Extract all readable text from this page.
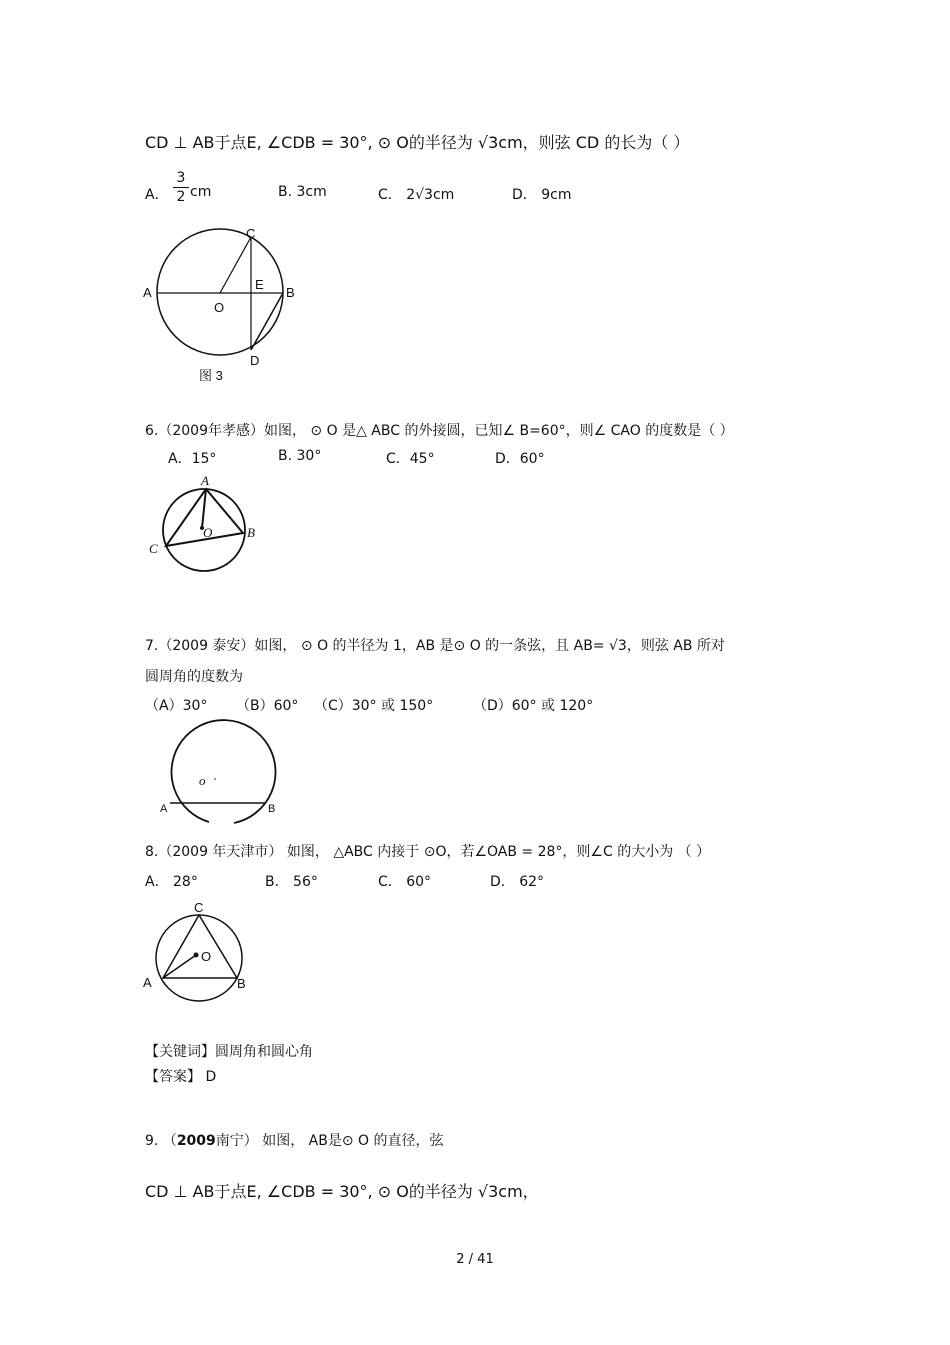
CD ⊥ AB于点E, ∠CDB = 30°, ⊙ O的半径为 √3cm，则弦 CD 的长为（ ）
A．
3
2 cm	B. 3cm	C． 2√3cm	D． 9cm
A	B
C
D
E
O
图 3
6.（2009年孝感）如图， ⊙ O 是△ ABC 的外接圆，已知∠ B=60°，则∠ CAO 的度数是（ ）
A．15°	B. 30°	C．45°	D．60°
A
B
C
O
7.（2009 泰安）如图， ⊙ O 的半径为 1，AB 是⊙ O 的一条弦，且 AB= √3，则弦 AB 所对
圆周角的度数为
（A）30° （B）60° （C）30° 或 150°	（D）60° 或 120°
o
A	B
8.（2009 年天津市） 如图， △ABC 内接于 ⊙O，若∠OAB = 28°，则∠C 的大小为 （ ）
A． 28°	B． 56°	C． 60°	D． 62°
C
A	B
O
【关键词】圆周角和圆心角
【答案】 D
9. （2009南宁） 如图， AB是⊙ O 的直径，弦
CD ⊥ AB于点E, ∠CDB = 30°, ⊙ O的半径为 √3cm，
2 / 41
